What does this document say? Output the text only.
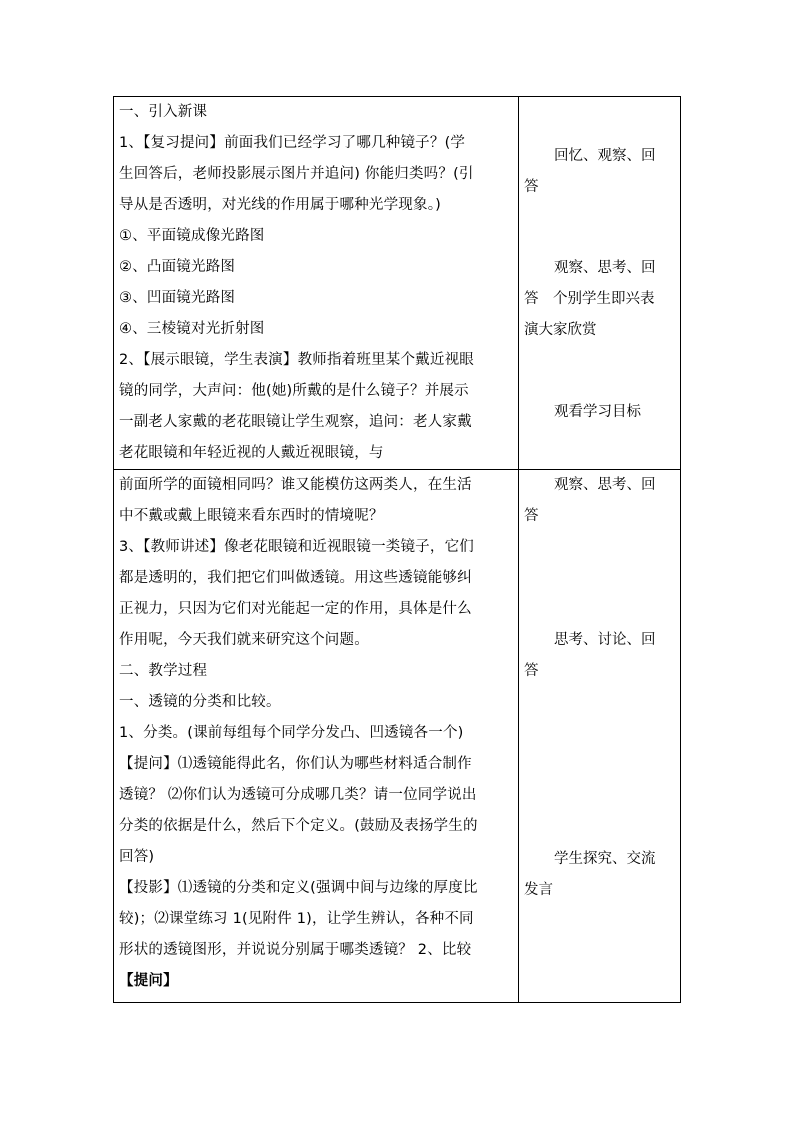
一、引入新课

1、【复习提问】前面我们已经学习了哪几种镜子？(学

生回答后，老师投影展示图片并追问) 你能归类吗？(引

导从是否透明，对光线的作用属于哪种光学现象。)

①、平面镜成像光路图

②、凸面镜光路图

③、凹面镜光路图

④、三棱镜对光折射图

2、【展示眼镜，学生表演】教师指着班里某个戴近视眼

镜的同学，大声问：他(她)所戴的是什么镜子？并展示

一副老人家戴的老花眼镜让学生观察，追问：老人家戴

老花眼镜和年轻近视的人戴近视眼镜，与

回忆、观察、回
答
观察、思考、回
答　个别学生即兴表
演大家欣赏
观看学习目标

前面所学的面镜相同吗？谁又能模仿这两类人，在生活

中不戴或戴上眼镜来看东西时的情境呢？

3、【教师讲述】像老花眼镜和近视眼镜一类镜子，它们

都是透明的，我们把它们叫做透镜。用这些透镜能够纠

正视力，只因为它们对光能起一定的作用，具体是什么

作用呢，今天我们就来研究这个问题。

二、教学过程

一、透镜的分类和比较。

1、分类。(课前每组每个同学分发凸、凹透镜各一个)

【提问】⑴透镜能得此名，你们认为哪些材料适合制作

透镜？ ⑵你们认为透镜可分成哪几类？请一位同学说出

分类的依据是什么，然后下个定义。(鼓励及表扬学生的

回答)

【投影】⑴透镜的分类和定义(强调中间与边缘的厚度比

较)；⑵课堂练习 1(见附件 1)，让学生辨认，各种不同

形状的透镜图形，并说说分别属于哪类透镜？ 2、比较

【提问】

观察、思考、回
答
思考、讨论、回
答
学生探究、交流
发言
